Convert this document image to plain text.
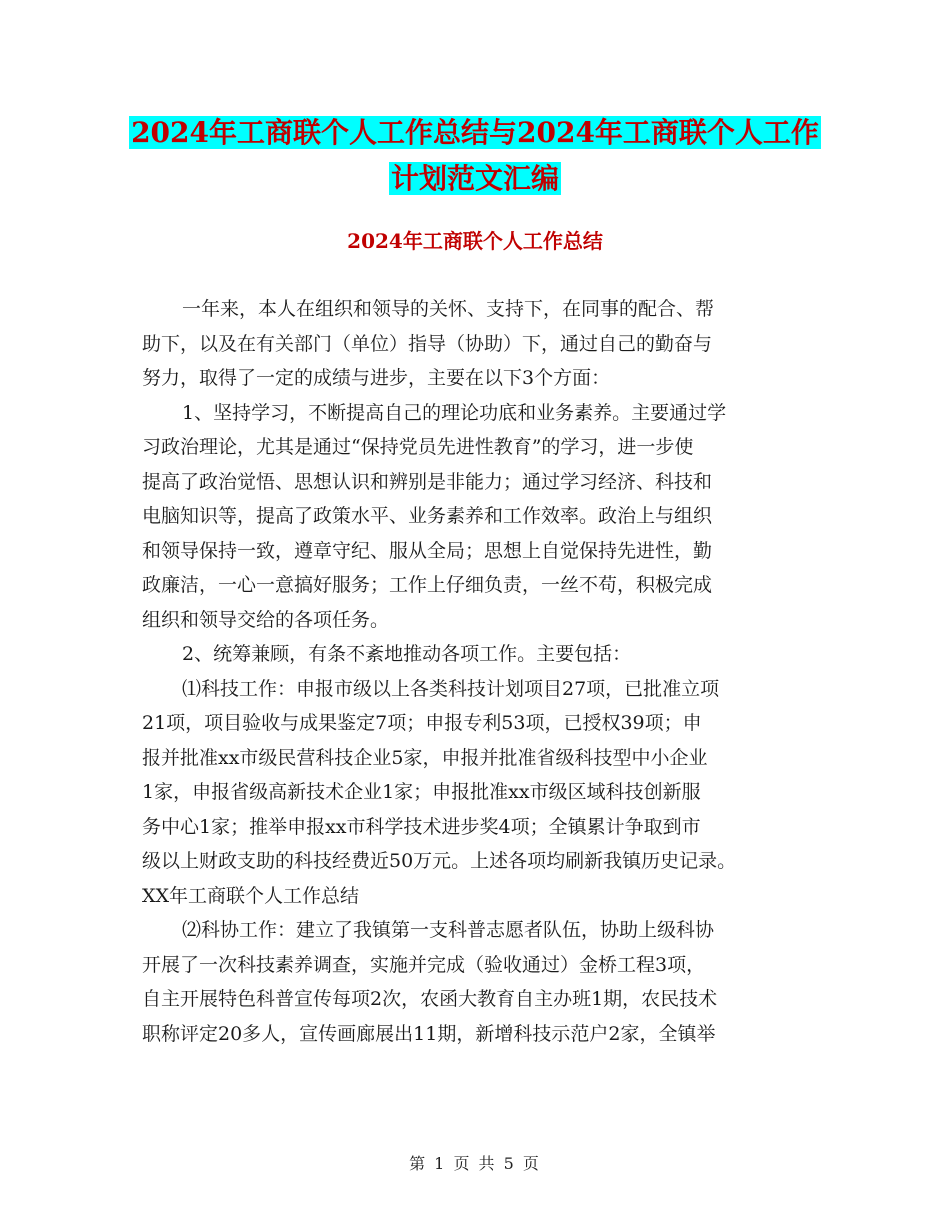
2024年工商联个人工作总结与2024年工商联个人工作
计划范文汇编
2024年工商联个人工作总结
一年来，本人在组织和领导的关怀、支持下，在同事的配合、帮
助下，以及在有关部门（单位）指导（协助）下，通过自己的勤奋与
努力，取得了一定的成绩与进步，主要在以下3个方面：
1、坚持学习，不断提高自己的理论功底和业务素养。主要通过学
习政治理论，尤其是通过“保持党员先进性教育”的学习，进一步使
提高了政治觉悟、思想认识和辨别是非能力；通过学习经济、科技和
电脑知识等，提高了政策水平、业务素养和工作效率。政治上与组织
和领导保持一致，遵章守纪、服从全局；思想上自觉保持先进性，勤
政廉洁，一心一意搞好服务；工作上仔细负责，一丝不苟，积极完成
组织和领导交给的各项任务。
2、统筹兼顾，有条不紊地推动各项工作。主要包括：
⑴科技工作：申报市级以上各类科技计划项目27项，已批准立项
21项，项目验收与成果鉴定7项；申报专利53项，已授权39项；申
报并批准xx市级民营科技企业5家，申报并批准省级科技型中小企业
1家，申报省级高新技术企业1家；申报批准xx市级区域科技创新服
务中心1家；推举申报xx市科学技术进步奖4项；全镇累计争取到市
级以上财政支助的科技经费近50万元。上述各项均刷新我镇历史记录。
XX年工商联个人工作总结
⑵科协工作：建立了我镇第一支科普志愿者队伍，协助上级科协
开展了一次科技素养调查，实施并完成（验收通过）金桥工程3项，
自主开展特色科普宣传每项2次，农函大教育自主办班1期，农民技术
职称评定20多人，宣传画廊展出11期，新增科技示范户2家，全镇举
第 1 页 共 5 页
